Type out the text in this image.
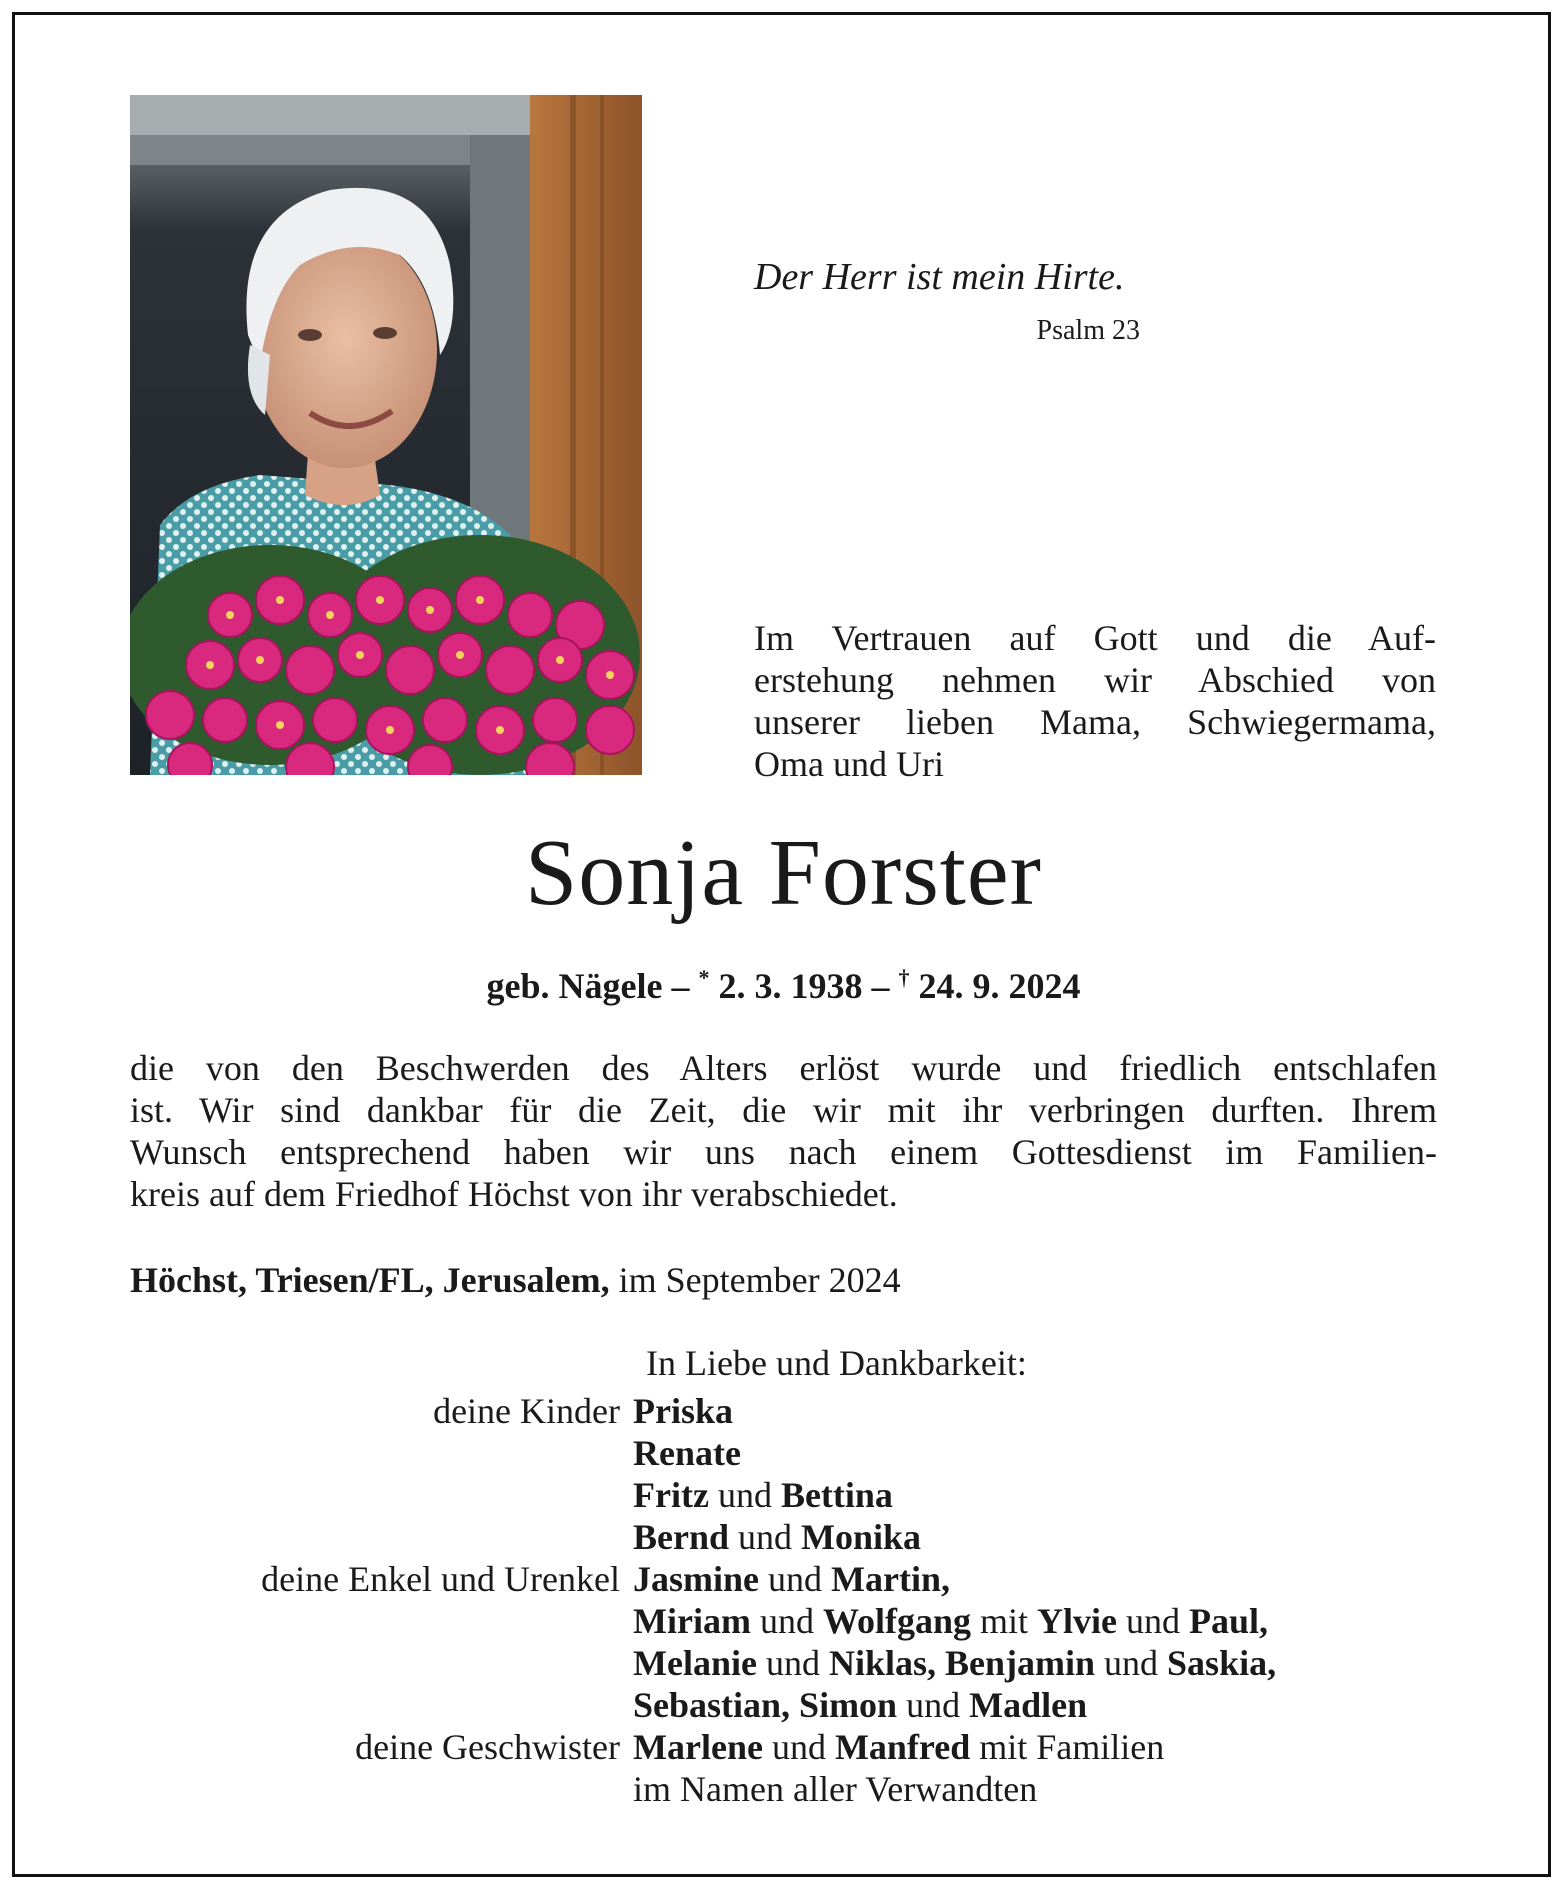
Der Herr ist mein Hirte.
Psalm 23
Im Vertrauen auf Gott und die Auf-
erstehung nehmen wir Abschied von
unserer lieben Mama, Schwiegermama,
Oma und Uri
Sonja Forster
geb. Nägele – * 2. 3. 1938 – † 24. 9. 2024
die von den Beschwerden des Alters erlöst wurde und friedlich entschlafen
ist. Wir sind dankbar für die Zeit, die wir mit ihr verbringen durften. Ihrem
Wunsch entsprechend haben wir uns nach einem Gottesdienst im Familien-
kreis auf dem Friedhof Höchst von ihr verabschiedet.
Höchst, Triesen/FL, Jerusalem, im September 2024
In Liebe und Dankbarkeit:
deine Kinder Priska
Renate
Fritz und Bettina
Bernd und Monika
deine Enkel und Urenkel Jasmine und Martin,
Miriam und Wolfgang mit Ylvie und Paul,
Melanie und Niklas, Benjamin und Saskia,
Sebastian, Simon und Madlen
deine Geschwister Marlene und Manfred mit Familien
im Namen aller Verwandten
